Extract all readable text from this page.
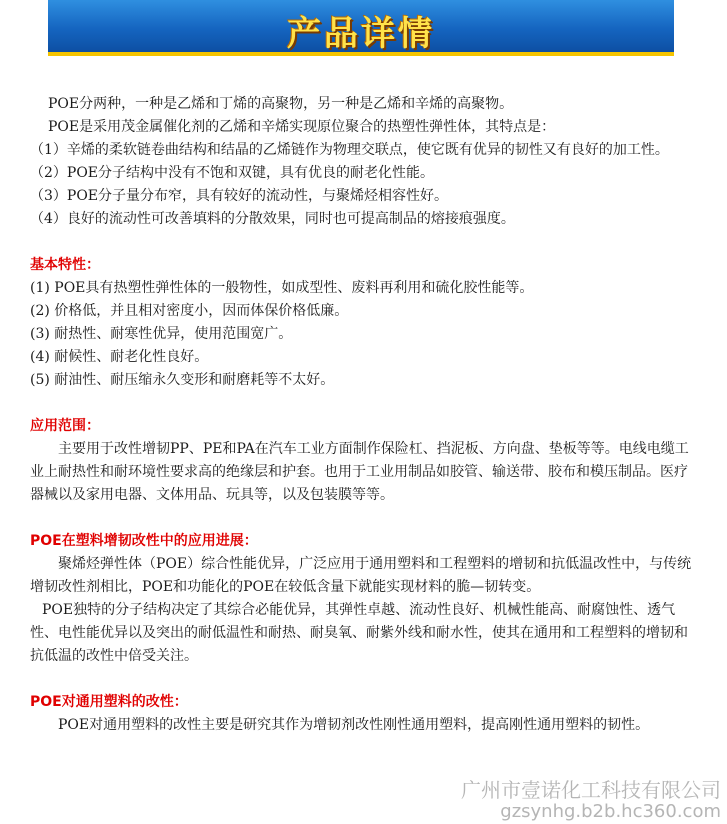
产品详情

POE分两种，一种是乙烯和丁烯的高聚物，另一种是乙烯和辛烯的高聚物。

POE是采用茂金属催化剂的乙烯和辛烯实现原位聚合的热塑性弹性体，其特点是：

（1）辛烯的柔软链卷曲结构和结晶的乙烯链作为物理交联点，使它既有优异的韧性又有良好的加工性。

（2）POE分子结构中没有不饱和双键，具有优良的耐老化性能。

（3）POE分子量分布窄，具有较好的流动性，与聚烯烃相容性好。

（4）良好的流动性可改善填料的分散效果，同时也可提高制品的熔接痕强度。

基本特性：

(1) POE具有热塑性弹性体的一般物性，如成型性、废料再利用和硫化胶性能等。

(2) 价格低，并且相对密度小，因而体保价格低廉。

(3) 耐热性、耐寒性优异，使用范围宽广。

(4) 耐候性、耐老化性良好。

(5) 耐油性、耐压缩永久变形和耐磨耗等不太好。

应用范围：

主要用于改性增韧PP、PE和PA在汽车工业方面制作保险杠、挡泥板、方向盘、垫板等等。电线电缆工业上耐热性和耐环境性要求高的绝缘层和护套。也用于工业用制品如胶管、输送带、胶布和模压制品。医疗器械以及家用电器、文体用品、玩具等，以及包装膜等等。

POE在塑料增韧改性中的应用进展：

聚烯烃弹性体（POE）综合性能优异，广泛应用于通用塑料和工程塑料的增韧和抗低温改性中，与传统增韧改性剂相比，POE和功能化的POE在较低含量下就能实现材料的脆—韧转变。

POE独特的分子结构决定了其综合必能优异，其弹性卓越、流动性良好、机械性能高、耐腐蚀性、透气性、电性能优异以及突出的耐低温性和耐热、耐臭氧、耐紫外线和耐水性，使其在通用和工程塑料的增韧和抗低温的改性中倍受关注。

POE对通用塑料的改性：

POE对通用塑料的改性主要是研究其作为增韧剂改性刚性通用塑料，提高刚性通用塑料的韧性。

广州市壹诺化工科技有限公司
gzsynhg.b2b.hc360.com
